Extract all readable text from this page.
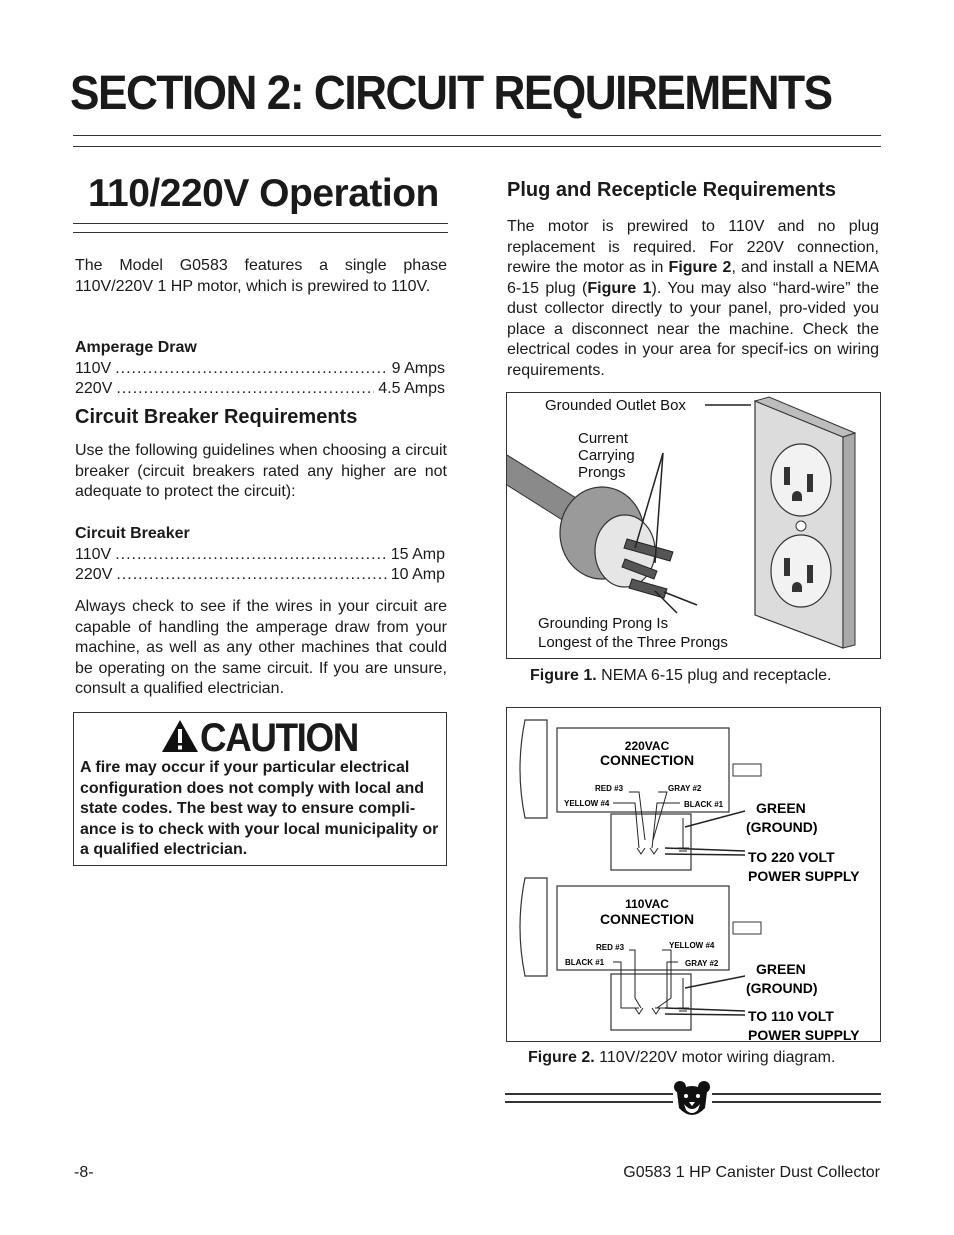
SECTION 2: CIRCUIT REQUIREMENTS
110/220V Operation

The Model G0583 features a single phase 110V/220V 1 HP motor, which is prewired to 110V.

Amperage Draw

110V .....	9 Amps
220V .....	4.5 Amps
Circuit Breaker Requirements

Use the following guidelines when choosing a circuit breaker (circuit breakers rated any higher are not adequate to protect the circuit):

Circuit Breaker

110V .....	15 Amp
220V .....	10 Amp

Always check to see if the wires in your circuit are capable of handling the amperage draw from your machine, as well as any other machines that could be operating on the same circuit. If you are unsure, consult a qualified electrician.

CAUTION

A fire may occur if your particular electrical configuration does not comply with local and state codes. The best way to ensure compli-ance is to check with your local municipality or a qualified electrician.

Plug and Recepticle Requirements

The motor is prewired to 110V and no plug replacement is required. For 220V connection, rewire the motor as in Figure 2, and install a NEMA 6-15 plug (Figure 1). You may also “hard-wire” the dust collector directly to your panel, pro-vided you place a disconnect near the machine. Check the electrical codes in your area for specif-ics on wiring requirements.

Grounded Outlet Box
Current
Carrying
Prongs
Grounding Prong Is
Longest of the Three Prongs
Figure 1. NEMA 6-15 plug and receptacle.
220VAC
CONNECTION
RED #3	GRAY #2
YELLOW #4	BLACK #1 GREEN
(GROUND)
TO 220 VOLT
POWER SUPPLY
110VAC
CONNECTION
RED #3	YELLOW #4
BLACK #1	GRAY #2	GREEN
(GROUND)
TO 110 VOLT
POWER SUPPLY
Figure 2. 110V/220V motor wiring diagram.
-8-	G0583 1 HP Canister Dust Collector
